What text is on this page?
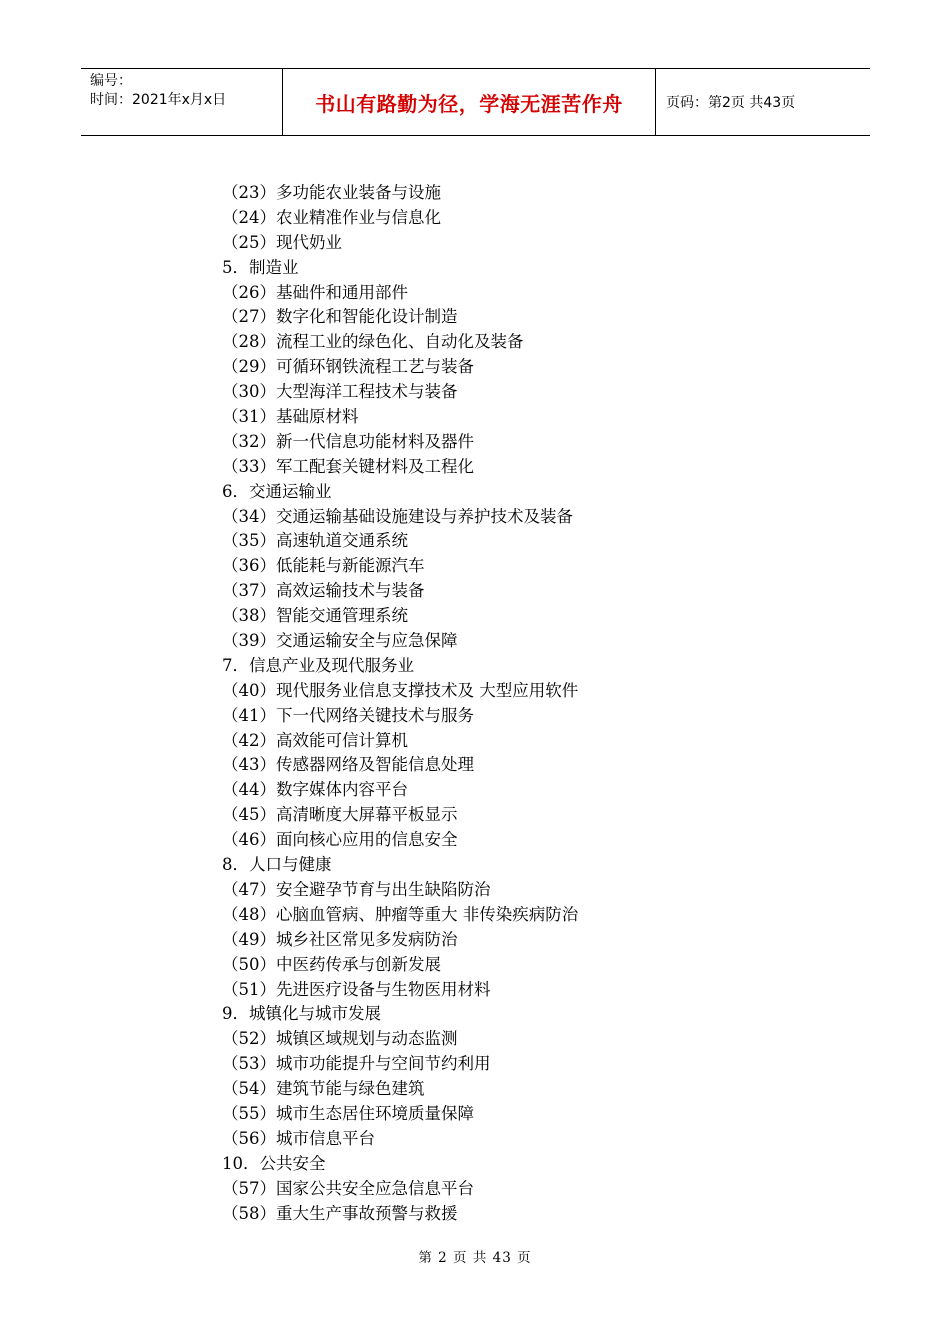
编号：
时间：2021年x月x日	书山有路勤为径，学海无涯苦作舟	页码：第2页 共43页
（23）多功能农业装备与设施
（24）农业精准作业与信息化
（25）现代奶业
5．制造业
（26）基础件和通用部件
（27）数字化和智能化设计制造
（28）流程工业的绿色化、自动化及装备
（29）可循环钢铁流程工艺与装备
（30）大型海洋工程技术与装备
（31）基础原材料
（32）新一代信息功能材料及器件
（33）军工配套关键材料及工程化
6．交通运输业
（34）交通运输基础设施建设与养护技术及装备
（35）高速轨道交通系统
（36）低能耗与新能源汽车
（37）高效运输技术与装备
（38）智能交通管理系统
（39）交通运输安全与应急保障
7．信息产业及现代服务业
（40）现代服务业信息支撑技术及 大型应用软件
（41）下一代网络关键技术与服务
（42）高效能可信计算机
（43）传感器网络及智能信息处理
（44）数字媒体内容平台
（45）高清晰度大屏幕平板显示
（46）面向核心应用的信息安全
8．人口与健康
（47）安全避孕节育与出生缺陷防治
（48）心脑血管病、肿瘤等重大 非传染疾病防治
（49）城乡社区常见多发病防治
（50）中医药传承与创新发展
（51）先进医疗设备与生物医用材料
9．城镇化与城市发展
（52）城镇区域规划与动态监测
（53）城市功能提升与空间节约利用
（54）建筑节能与绿色建筑
（55）城市生态居住环境质量保障
（56）城市信息平台
10．公共安全
（57）国家公共安全应急信息平台
（58）重大生产事故预警与救援
第 2 页 共 43 页
